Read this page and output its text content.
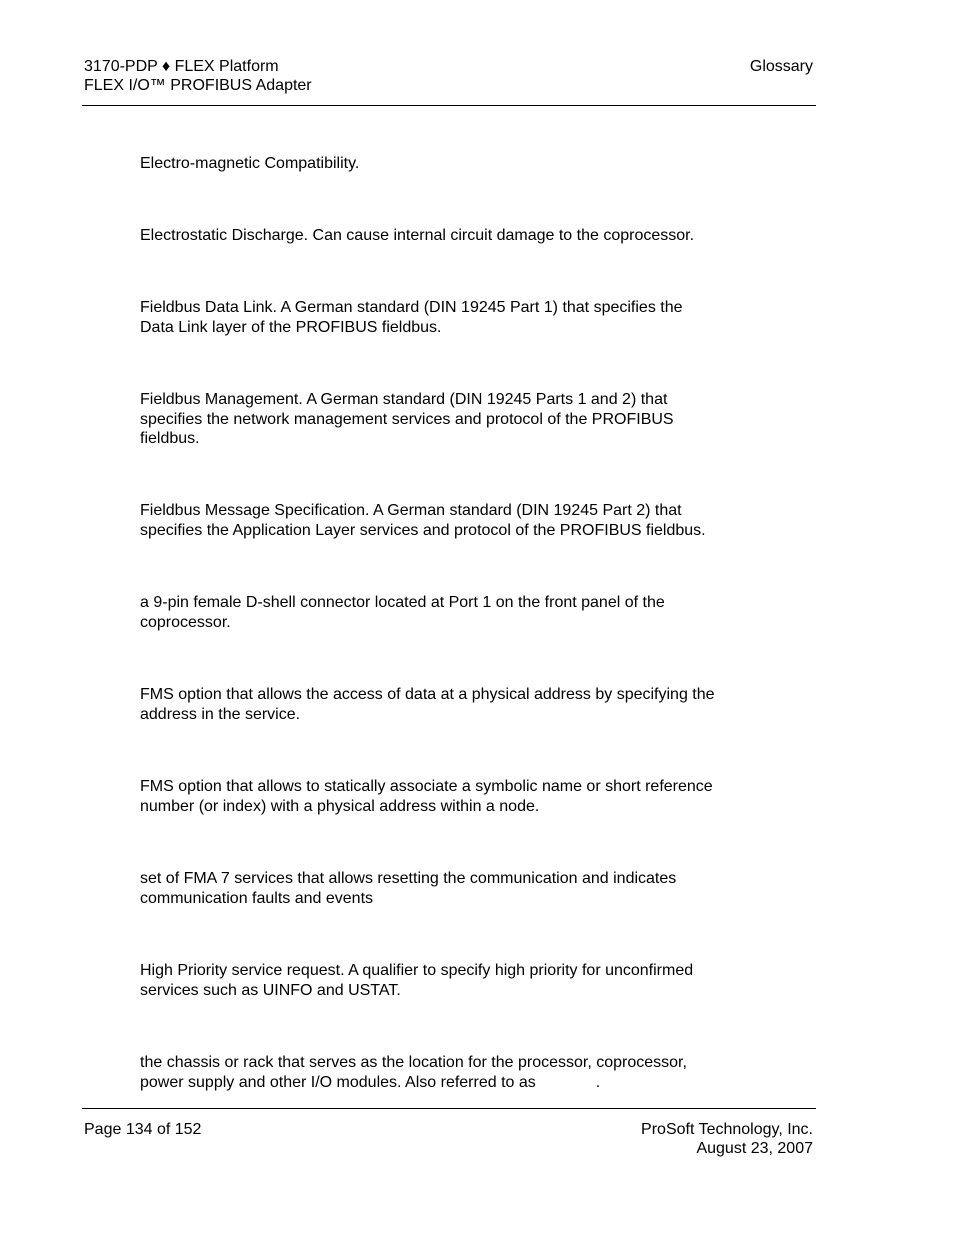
3170-PDP ♦ FLEX Platform
FLEX I/O™ PROFIBUS Adapter
Glossary
Electro-magnetic Compatibility.
Electrostatic Discharge. Can cause internal circuit damage to the coprocessor.
Fieldbus Data Link. A German standard (DIN 19245 Part 1) that specifies the
Data Link layer of the PROFIBUS fieldbus.
Fieldbus Management. A German standard (DIN 19245 Parts 1 and 2) that
specifies the network management services and protocol of the PROFIBUS
fieldbus.
Fieldbus Message Specification. A German standard (DIN 19245 Part 2) that
specifies the Application Layer services and protocol of the PROFIBUS fieldbus.
a 9-pin female D-shell connector located at Port 1 on the front panel of the
coprocessor.
FMS option that allows the access of data at a physical address by specifying the
address in the service.
FMS option that allows to statically associate a symbolic name or short reference
number (or index) with a physical address within a node.
set of FMA 7 services that allows resetting the communication and indicates
communication faults and events
High Priority service request. A qualifier to specify high priority for unconfirmed
services such as UINFO and USTAT.
the chassis or rack that serves as the location for the processor, coprocessor,
power supply and other I/O modules. Also referred to as	.
Page 134 of 152	ProSoft Technology, Inc.
August 23, 2007
